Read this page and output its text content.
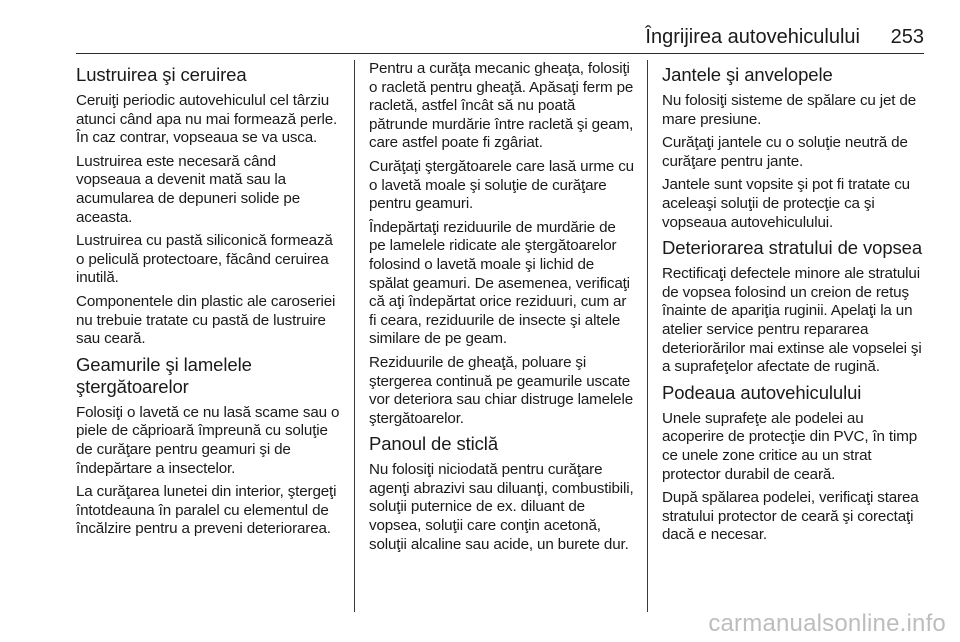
Îngrijirea autovehiculului 253
Lustruirea şi ceruirea

Ceruiţi periodic autovehiculul cel târziu atunci când apa nu mai formează perle. În caz contrar, vopseaua se va usca.

Lustruirea este necesară când vopseaua a devenit mată sau la acumularea de depuneri solide pe aceasta.

Lustruirea cu pastă siliconică formează o peliculă protectoare, făcând ceruirea inutilă.

Componentele din plastic ale caroseriei nu trebuie tratate cu pastă de lustruire sau ceară.

Geamurile şi lamelele ştergătoarelor

Folosiţi o lavetă ce nu lasă scame sau o piele de căprioară împreună cu soluţie de curăţare pentru geamuri şi de îndepărtare a insectelor.

La curăţarea lunetei din interior, ştergeţi întotdeauna în paralel cu elementul de încălzire pentru a preveni deteriorarea.

Pentru a curăţa mecanic gheaţa, folosiţi o racletă pentru gheaţă. Apăsaţi ferm pe racletă, astfel încât să nu poată pătrunde murdărie între racletă şi geam, care astfel poate fi zgâriat.

Curăţaţi ştergătoarele care lasă urme cu o lavetă moale şi soluţie de curăţare pentru geamuri.

Îndepărtaţi reziduurile de murdărie de pe lamelele ridicate ale ştergătoarelor folosind o lavetă moale şi lichid de spălat geamuri. De asemenea, verificaţi că aţi îndepărtat orice reziduuri, cum ar fi ceara, reziduurile de insecte şi altele similare de pe geam.

Reziduurile de gheaţă, poluare şi ştergerea continuă pe geamurile uscate vor deteriora sau chiar distruge lamelele ştergătoarelor.

Panoul de sticlă

Nu folosiţi niciodată pentru curăţare agenţi abrazivi sau diluanţi, combustibili, soluţii puternice de ex. diluant de vopsea, soluţii care conţin acetonă, soluţii alcaline sau acide, un burete dur.

Jantele şi anvelopele

Nu folosiţi sisteme de spălare cu jet de mare presiune.

Curăţaţi jantele cu o soluţie neutră de curăţare pentru jante.

Jantele sunt vopsite şi pot fi tratate cu aceleaşi soluţii de protecţie ca şi vopseaua autovehiculului.

Deteriorarea stratului de vopsea

Rectificaţi defectele minore ale stratului de vopsea folosind un creion de retuş înainte de apariţia ruginii. Apelaţi la un atelier service pentru repararea deteriorărilor mai extinse ale vopselei şi a suprafeţelor afectate de rugină.

Podeaua autovehiculului

Unele suprafeţe ale podelei au acoperire de protecţie din PVC, în timp ce unele zone critice au un strat protector durabil de ceară.

După spălarea podelei, verificaţi starea stratului protector de ceară şi corectaţi dacă e necesar.

carmanualsonline.info
